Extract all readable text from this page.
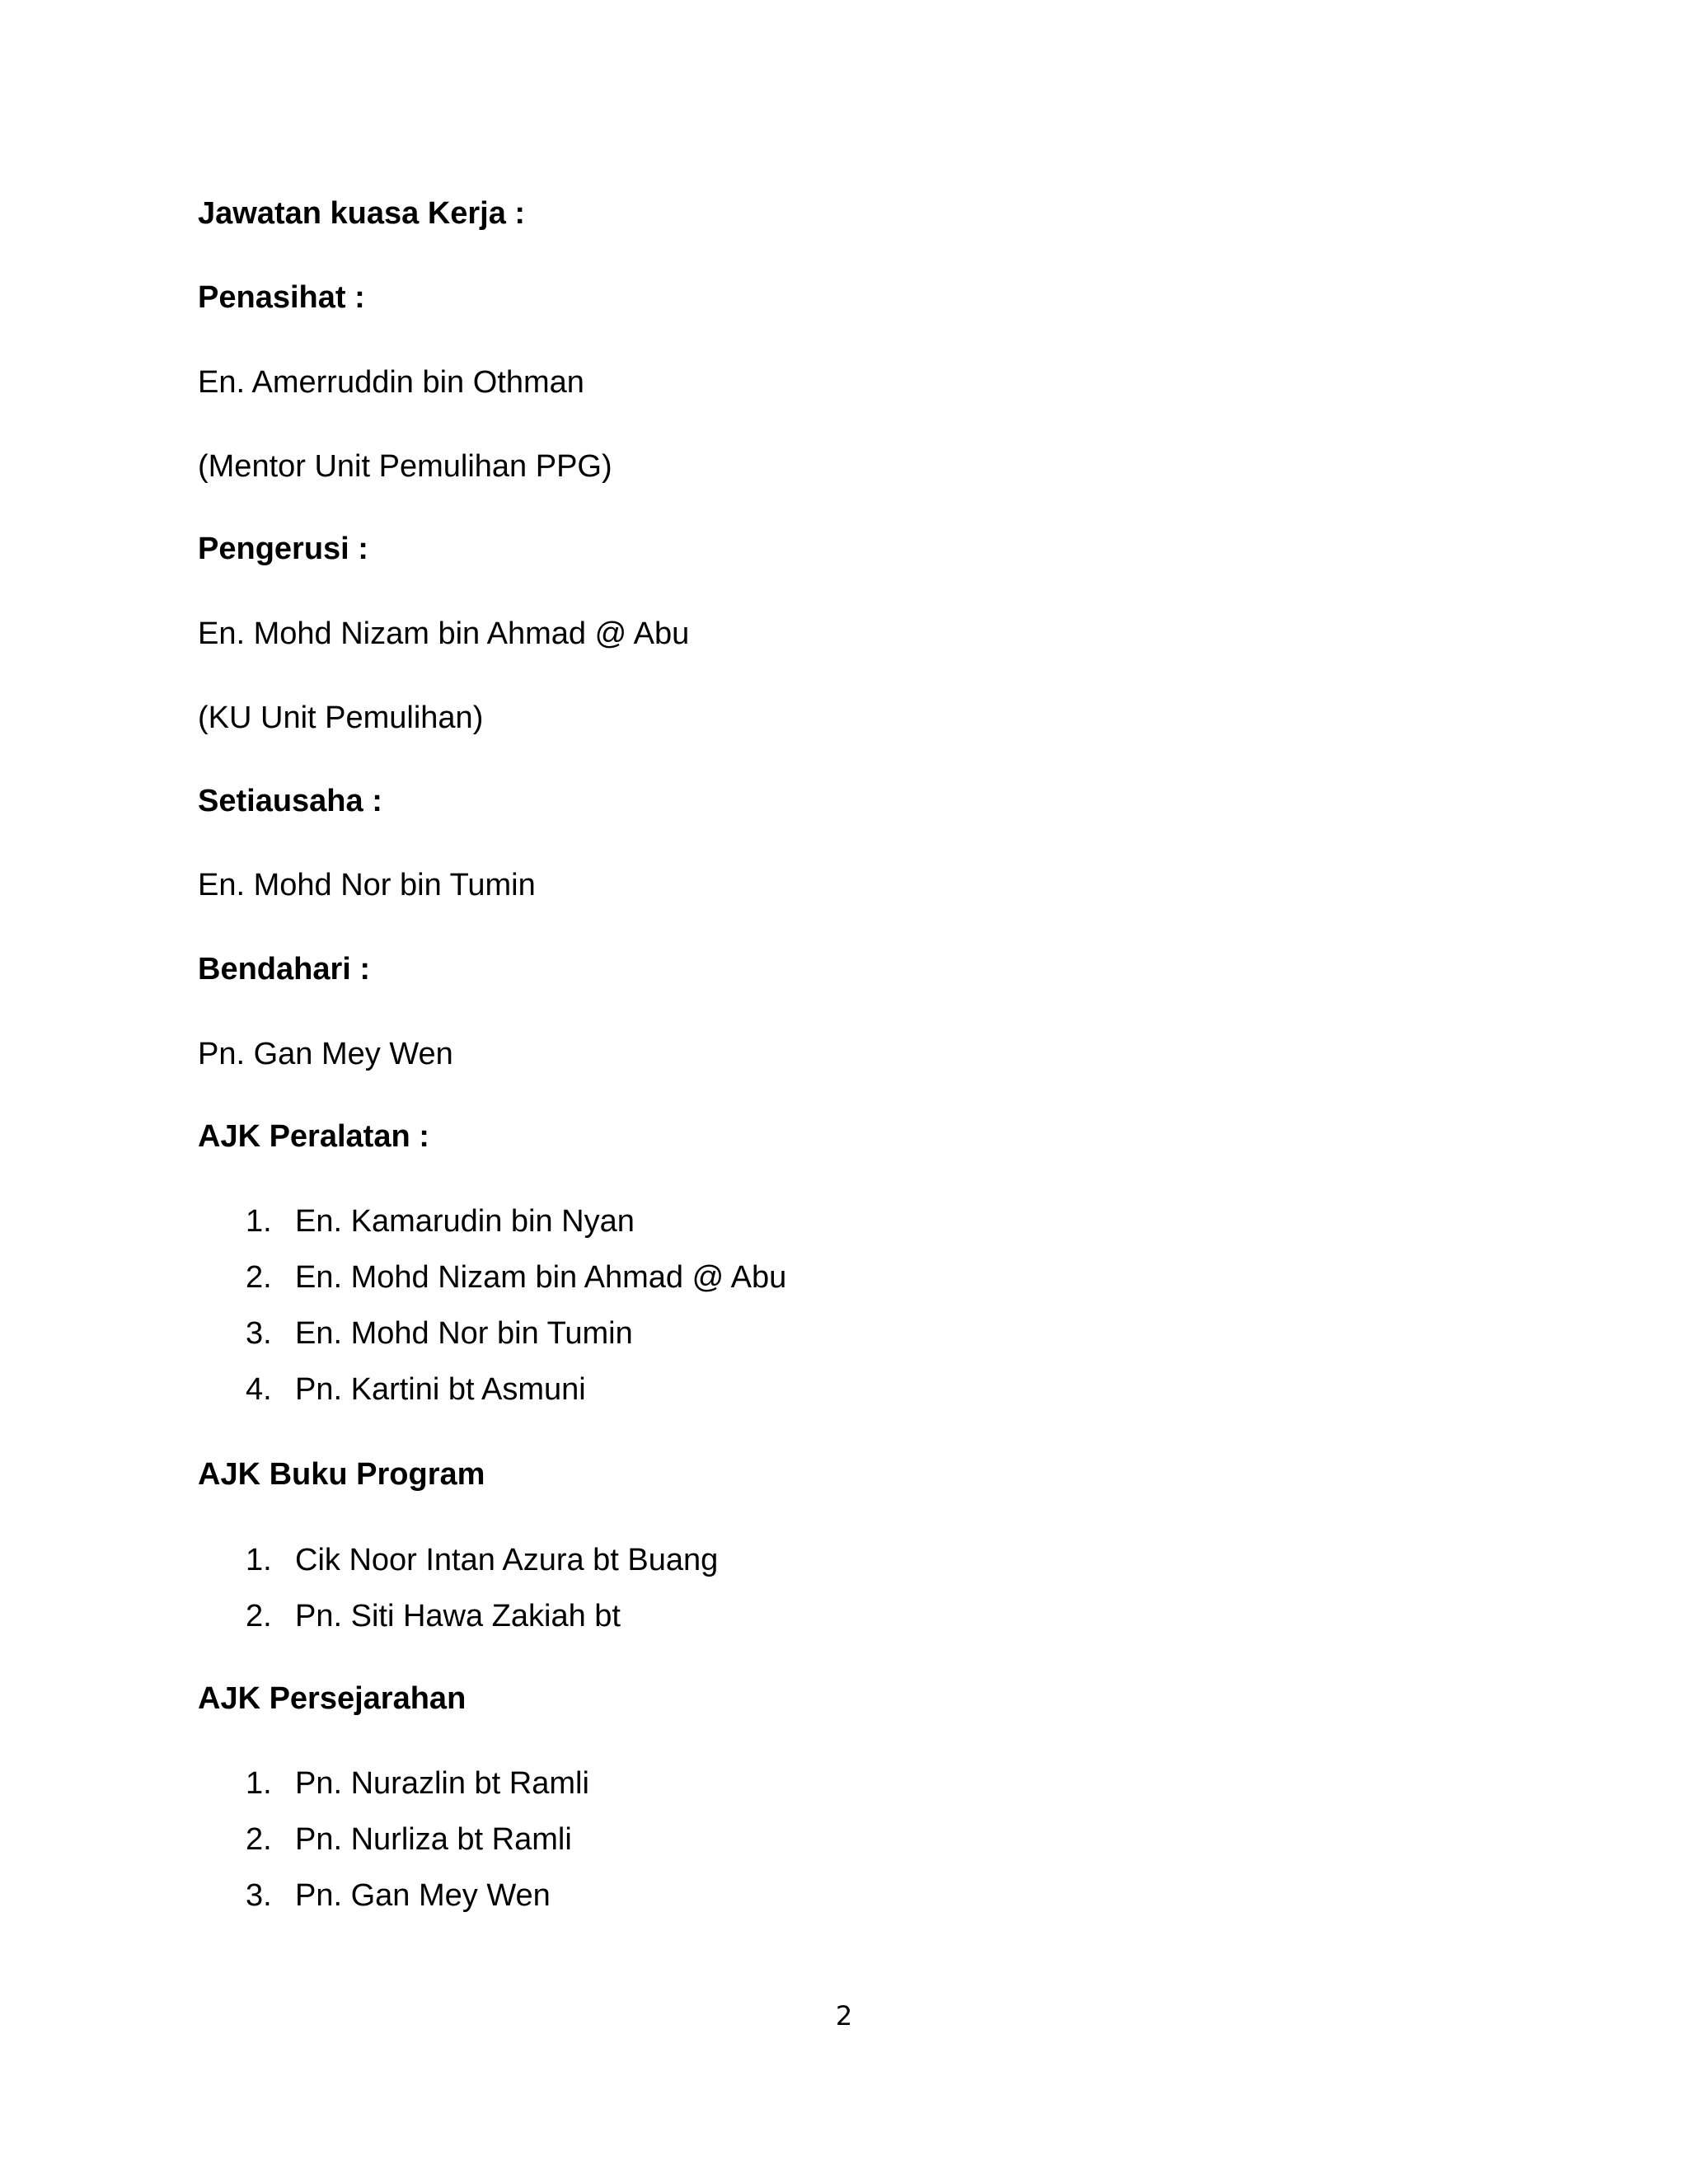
Jawatan kuasa Kerja :
Penasihat :
En. Amerruddin bin Othman
(Mentor Unit Pemulihan PPG)
Pengerusi :
En. Mohd Nizam bin Ahmad @ Abu
(KU Unit Pemulihan)
Setiausaha :
En. Mohd Nor bin Tumin
Bendahari :
Pn. Gan Mey Wen
AJK Peralatan :
1. En. Kamarudin bin Nyan
2. En. Mohd Nizam bin Ahmad @ Abu
3. En. Mohd Nor bin Tumin
4. Pn. Kartini bt Asmuni
AJK Buku Program
1. Cik Noor Intan Azura bt Buang
2. Pn. Siti Hawa Zakiah bt
AJK Persejarahan
1. Pn. Nurazlin bt Ramli
2. Pn. Nurliza bt Ramli
3. Pn. Gan Mey Wen
2
